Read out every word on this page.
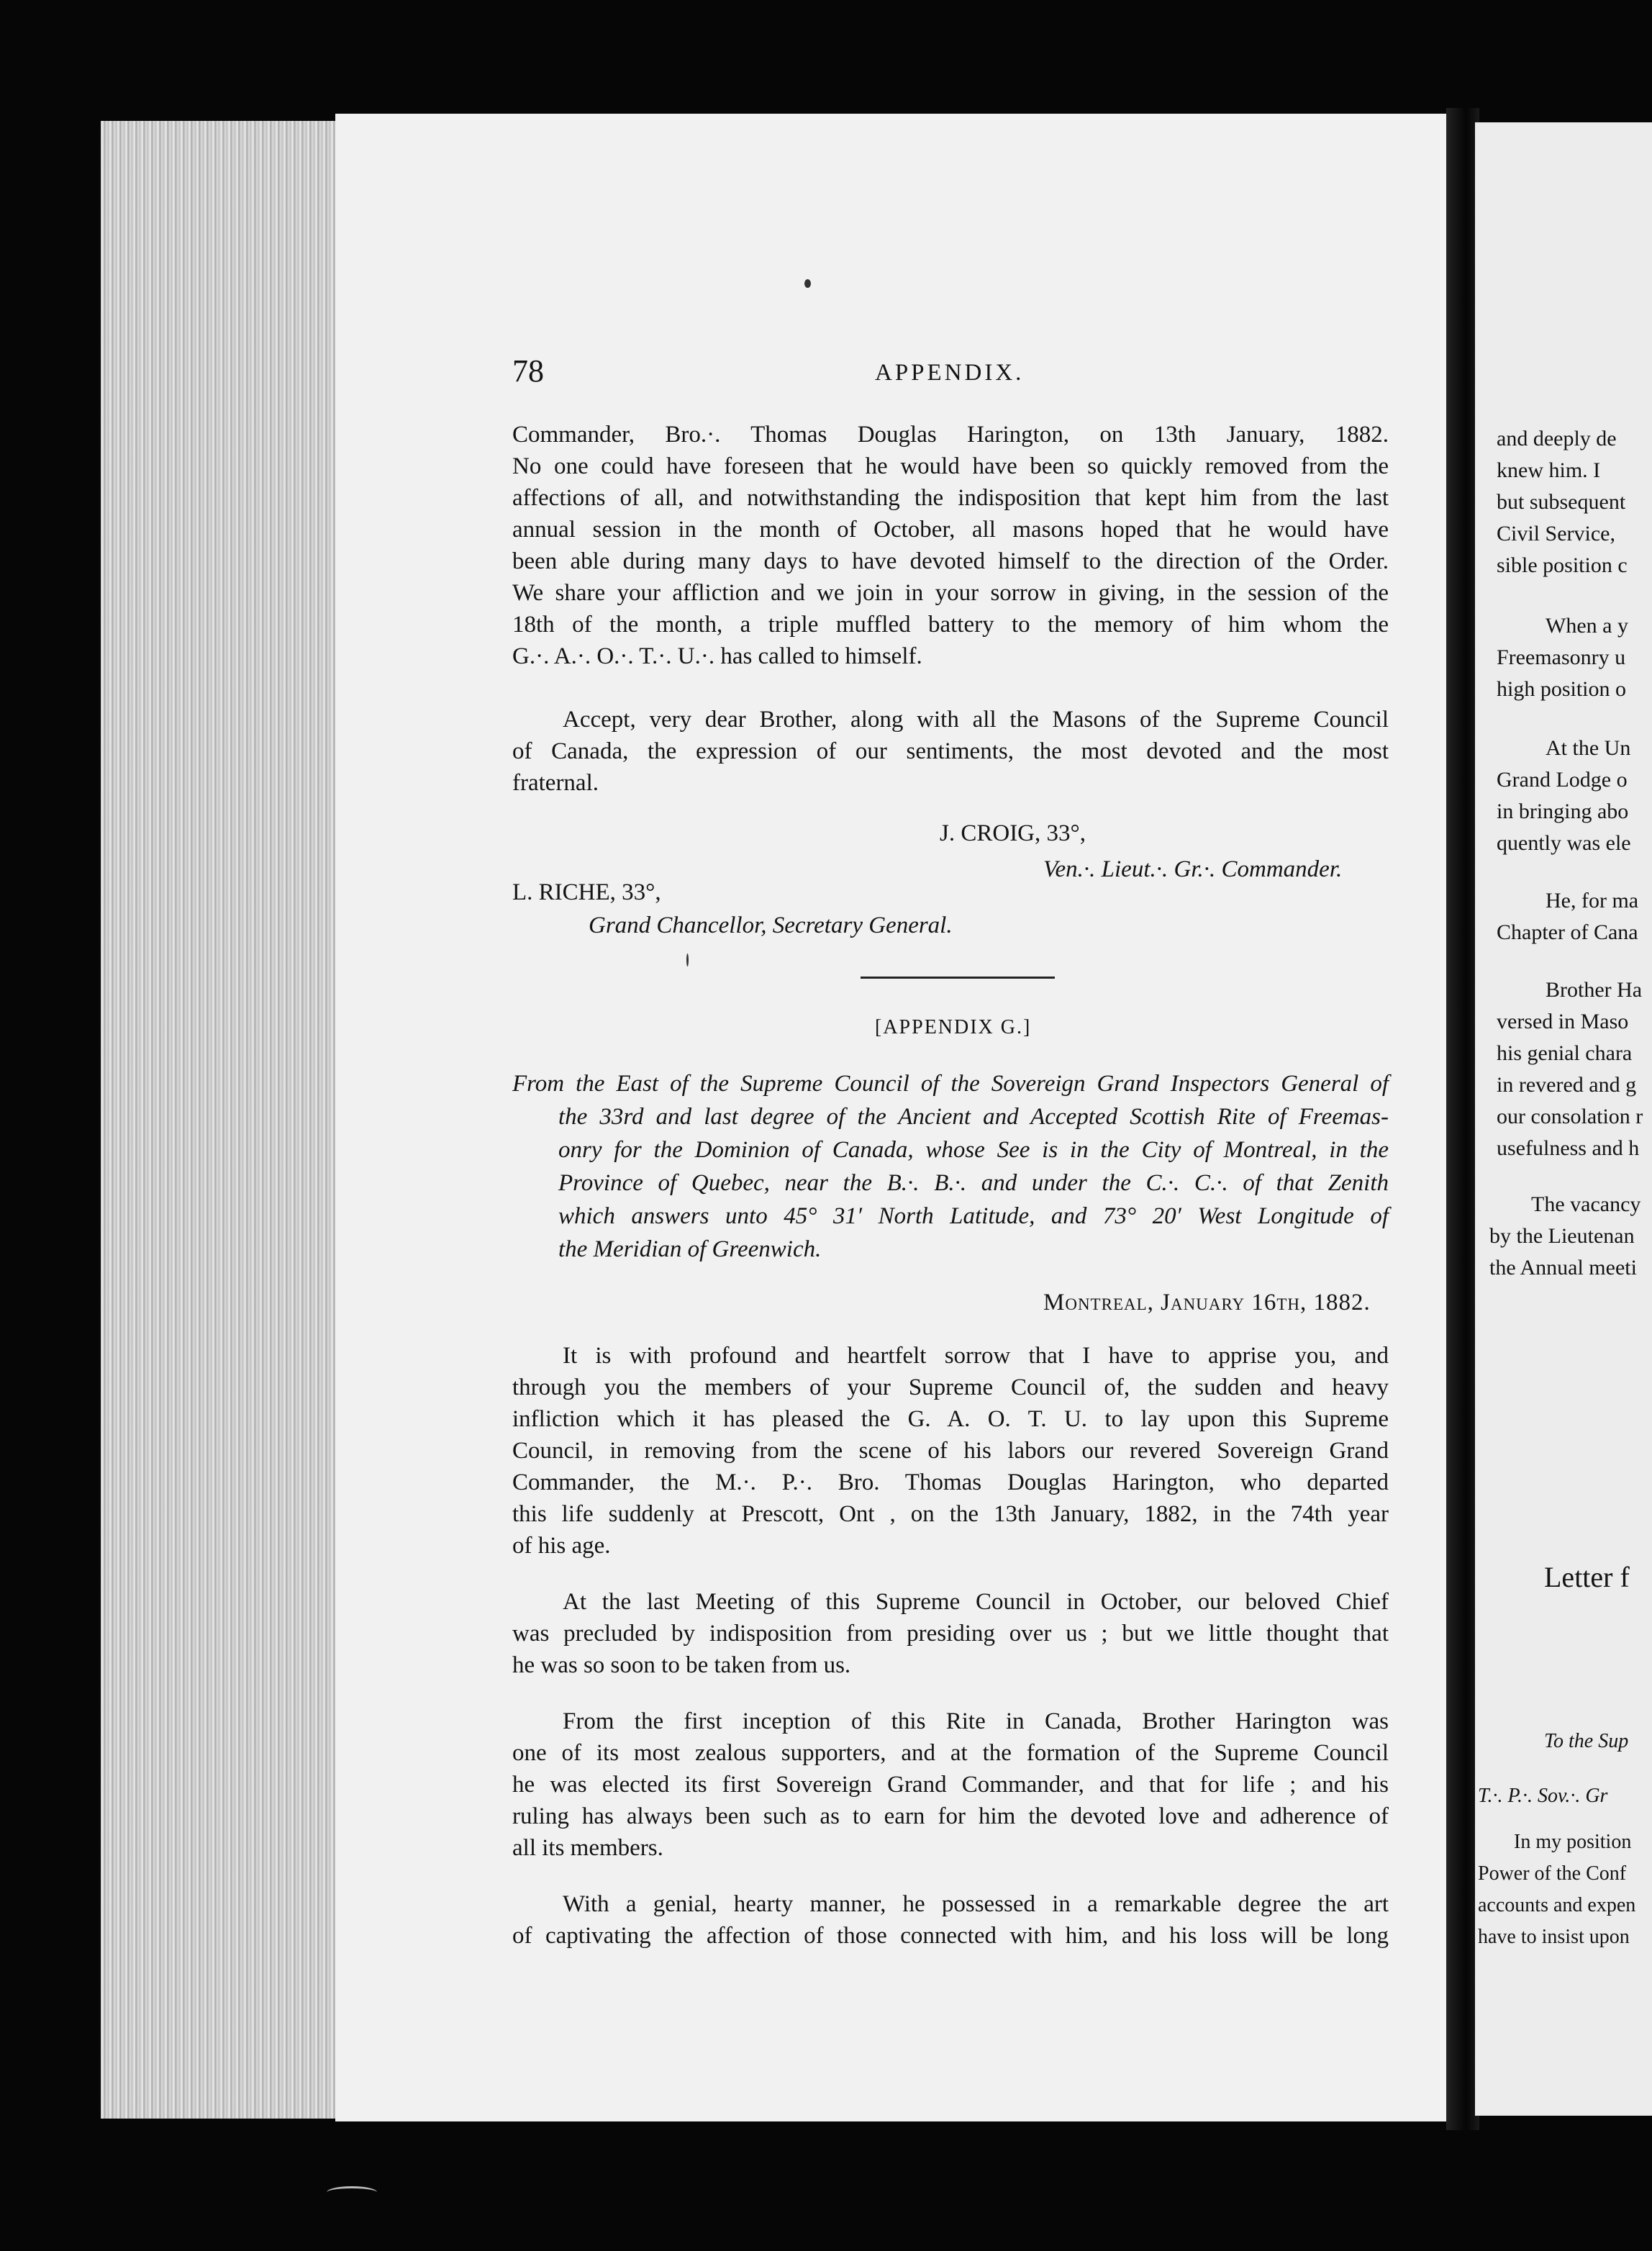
78	APPENDIX.
Commander, Bro.·. Thomas Douglas Harington, on 13th January, 1882.
No one could have foreseen that he would have been so quickly removed from the
affections of all, and notwithstanding the indisposition that kept him from the last
annual session in the month of October, all masons hoped that he would have
been able during many days to have devoted himself to the direction of the Order.
We share your affliction and we join in your sorrow in giving, in the session of the
18th of the month, a triple muffled battery to the memory of him whom the
G.·. A.·. O.·. T.·. U.·. has called to himself.
Accept, very dear Brother, along with all the Masons of the Supreme Council
of Canada, the expression of our sentiments, the most devoted and the most
fraternal.
J. CROIG, 33°,
Ven.·. Lieut.·. Gr.·. Commander.
L. RICHE, 33°,
Grand Chancellor, Secretary General.
[APPENDIX G.]
From the East of the Supreme Council of the Sovereign Grand Inspectors General of
the 33rd and last degree of the Ancient and Accepted Scottish Rite of Freemas-
onry for the Dominion of Canada, whose See is in the City of Montreal, in the
Province of Quebec, near the B.·. B.·. and under the C.·. C.·. of that Zenith
which answers unto 45° 31′ North Latitude, and 73° 20′ West Longitude of
the Meridian of Greenwich.
Montreal, January 16th, 1882.
It is with profound and heartfelt sorrow that I have to apprise you, and
through you the members of your Supreme Council of, the sudden and heavy
infliction which it has pleased the G. A. O. T. U. to lay upon this Supreme
Council, in removing from the scene of his labors our revered Sovereign Grand
Commander, the M.·. P.·. Bro. Thomas Douglas Harington, who departed
this life suddenly at Prescott, Ont , on the 13th January, 1882, in the 74th year
of his age.
At the last Meeting of this Supreme Council in October, our beloved Chief
was precluded by indisposition from presiding over us ; but we little thought that
he was so soon to be taken from us.
From the first inception of this Rite in Canada, Brother Harington was
one of its most zealous supporters, and at the formation of the Supreme Council
he was elected its first Sovereign Grand Commander, and that for life ; and his
ruling has always been such as to earn for him the devoted love and adherence of
all its members.
With a genial, hearty manner, he possessed in a remarkable degree the art
of captivating the affection of those connected with him, and his loss will be long
and deeply de
knew him. I
but subsequent
Civil Service,
sible position c
When a y
Freemasonry u
high position o
At the Un
Grand Lodge o
in bringing abo
quently was ele
He, for ma
Chapter of Cana
Brother Ha
versed in Maso
his genial chara
in revered and g
our consolation r
usefulness and h
The vacancy
by the Lieutenan
the Annual meeti
Letter f
To the Sup
T.·. P.·. Sov.·. Gr
In my position
Power of the Conf
accounts and expen
have to insist upon
